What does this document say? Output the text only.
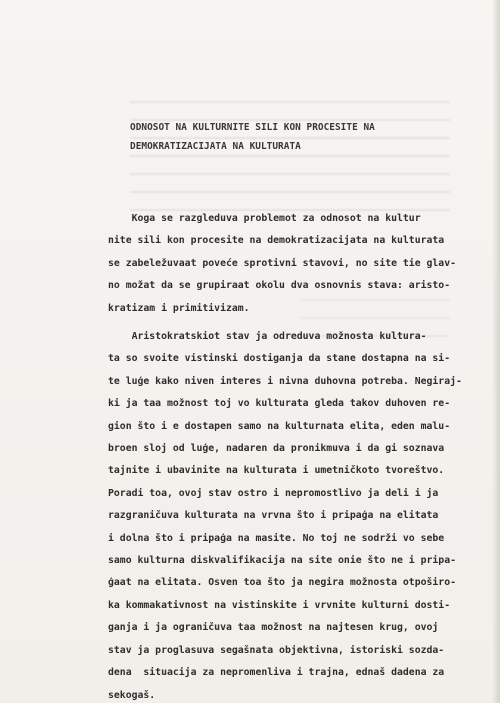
ODNOSOT NA KULTURNITE SILI KON PROCESITE NA
DEMOKRATIZACIJATA NA KULTURATA
Koga se razgleduva problemot za odnosot na kultur
nite sili kon procesite na demokratizacijata na kulturata
se zabeležuvaat poveće sprotivni stavovi, no site tie glav-
no možat da se grupiraat okolu dva osnovnis stava: aristo-
kratizam i primitivizam.
Aristokratskiot stav ja odreduva možnosta kultura-
ta so svoite vistinski dostiganja da stane dostapna na si-
te luģe kako niven interes i nivna duhovna potreba. Negiraj-
ki ja taa možnost toj vo kulturata gleda takov duhoven re-
gion što i e dostapen samo na kulturnata elita, eden malu-
broen sloj od luģe, nadaren da pronikmuva i da gi soznava
tajnite i ubavinite na kulturata i umetničkoto tvoreštvo.
Poradi toa, ovoj stav ostro i nepromostlivo ja deli i ja
razgraničuva kulturata na vrvna što i pripaģa na elitata
i dolna što i pripaģa na masite. No toj ne sodrži vo sebe
samo kulturna diskvalifikacija na site onie što ne i pripa-
ģaat na elitata. Osven toa što ja negira možnosta otpoširo-
ka kommakativnost na vistinskite i vrvnite kulturni dosti-
ganja i ja ograničuva taa možnost na najtesen krug, ovoj
stav ja proglasuva segašnata objektivna, istoriski sozda-
dena  situacija za nepromenliva i trajna, ednaš dadena za
sekogaš.
